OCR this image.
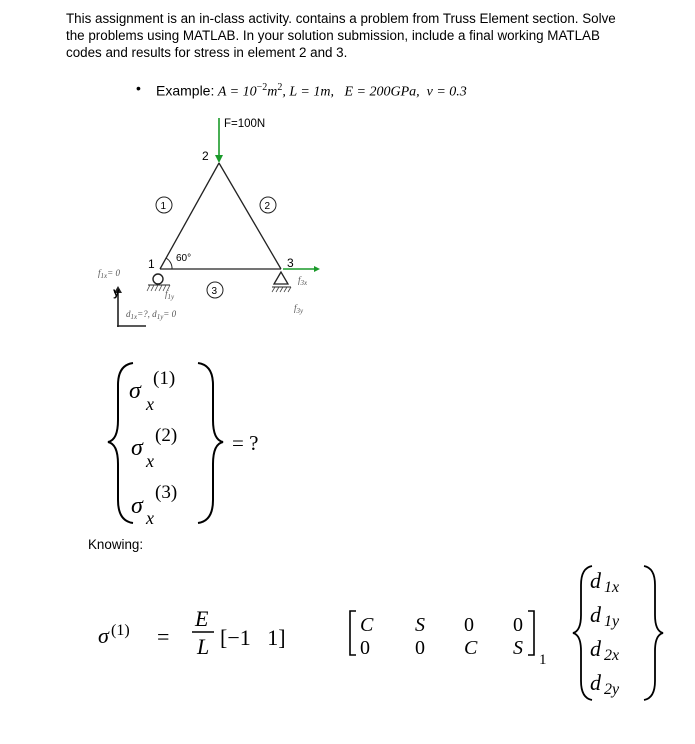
This assignment is an in-class activity. contains a problem from Truss Element section. Solve
the problems using MATLAB. In your solution submission, include a final working MATLAB
codes and results for stress in element 2 and 3.
• Example: $A = 10^{-2}m^2$, L = 1m, E = 200GPa, v = 0.3
F=100N
2
1	3
1	2
3
60°
$f_{3x}$
$f_{3y}$
$f_{1x}= 0$
$f_{1y}$
$d_{1x}=$?, $d_{1y}= 0$
y
σ x(1)
σ x(2)
σ x(3)
= ?
σ (1) =
E
L [−1   1]	C S 0 0
0 0 C S
1
d 1x
d 1y
d 2x
d 2y
Knowing:
